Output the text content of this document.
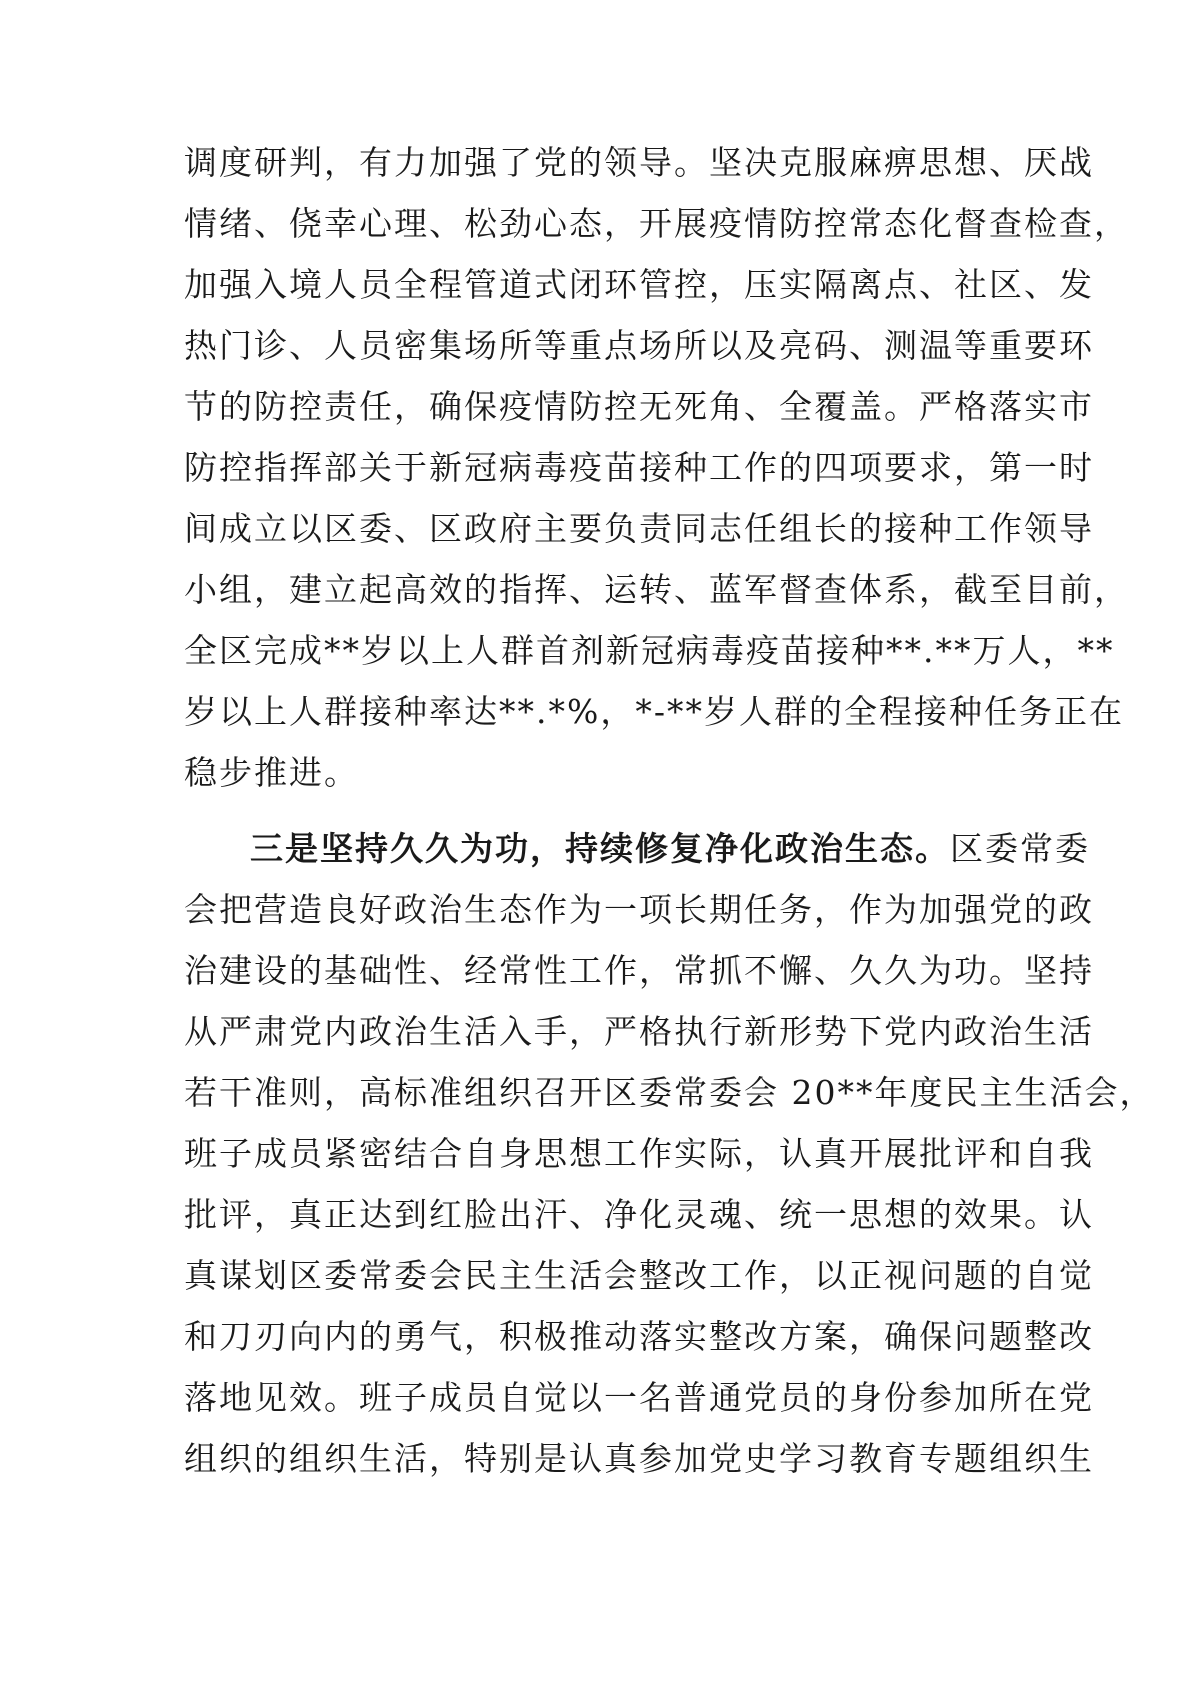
调度研判，有力加强了党的领导。坚决克服麻痹思想、厌战
情绪、侥幸心理、松劲心态，开展疫情防控常态化督查检查，
加强入境人员全程管道式闭环管控，压实隔离点、社区、发
热门诊、人员密集场所等重点场所以及亮码、测温等重要环
节的防控责任，确保疫情防控无死角、全覆盖。严格落实市
防控指挥部关于新冠病毒疫苗接种工作的四项要求，第一时
间成立以区委、区政府主要负责同志任组长的接种工作领导
小组，建立起高效的指挥、运转、蓝军督查体系，截至目前，
全区完成**岁以上人群首剂新冠病毒疫苗接种**.**万人，**
岁以上人群接种率达**.*%，*-**岁人群的全程接种任务正在
稳步推进。
三是坚持久久为功，持续修复净化政治生态。区委常委
会把营造良好政治生态作为一项长期任务，作为加强党的政
治建设的基础性、经常性工作，常抓不懈、久久为功。坚持
从严肃党内政治生活入手，严格执行新形势下党内政治生活
若干准则，高标准组织召开区委常委会 20**年度民主生活会，
班子成员紧密结合自身思想工作实际，认真开展批评和自我
批评，真正达到红脸出汗、净化灵魂、统一思想的效果。认
真谋划区委常委会民主生活会整改工作，以正视问题的自觉
和刀刃向内的勇气，积极推动落实整改方案，确保问题整改
落地见效。班子成员自觉以一名普通党员的身份参加所在党
组织的组织生活，特别是认真参加党史学习教育专题组织生
